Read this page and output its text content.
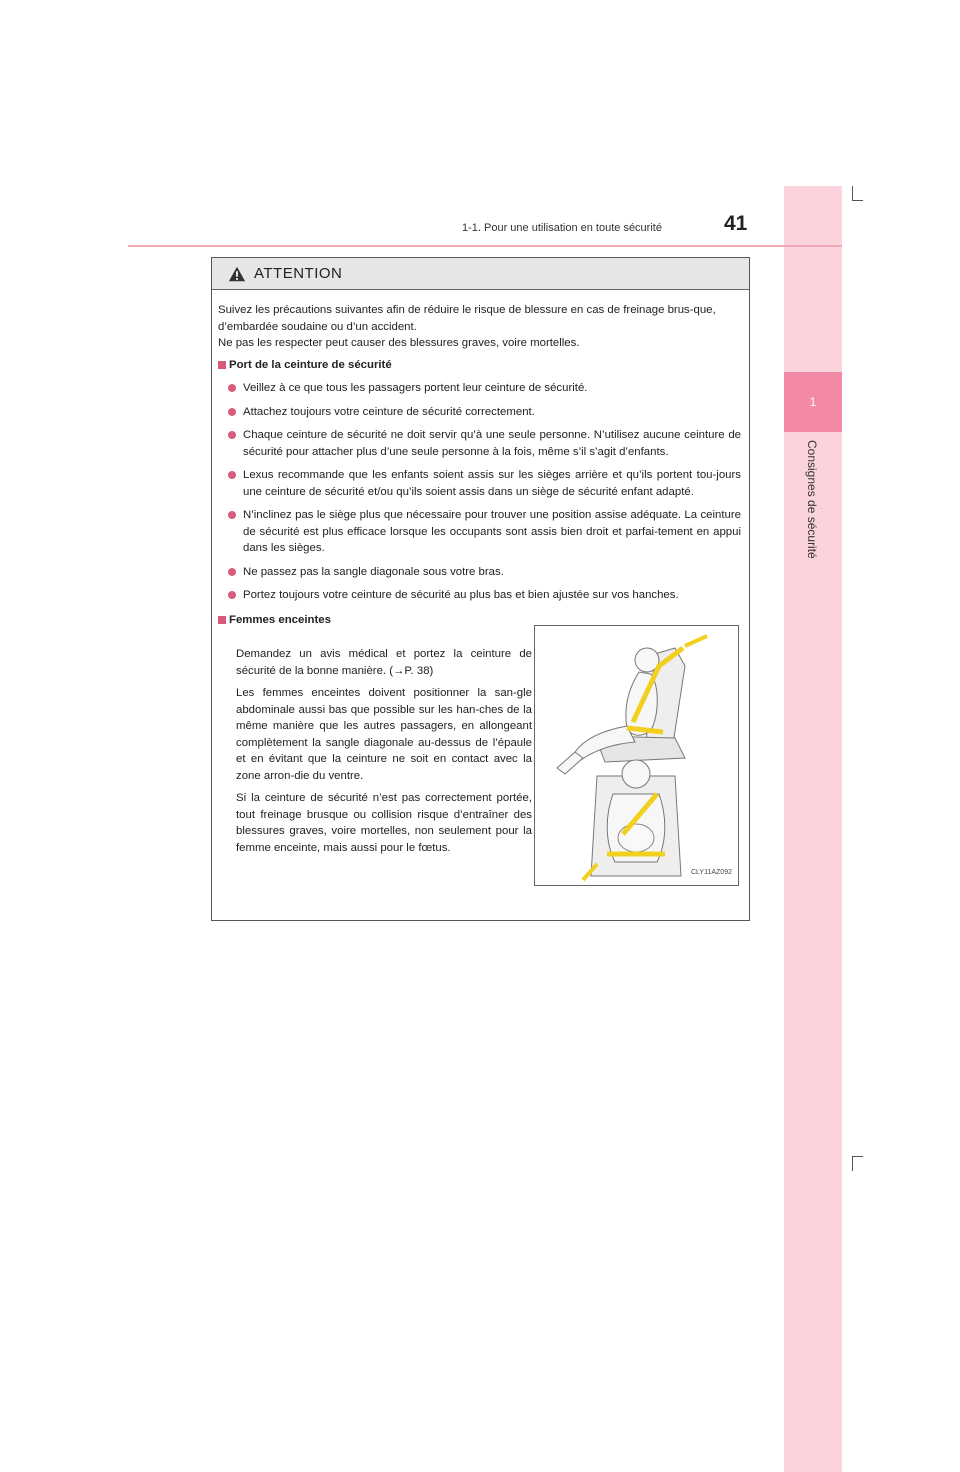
1
Consignes de sécurité
1-1. Pour une utilisation en toute sécurité	41
ATTENTION

Suivez les précautions suivantes afin de réduire le risque de blessure en cas de freinage brus-que, d’embardée soudaine ou d’un accident.

Ne pas les respecter peut causer des blessures graves, voire mortelles.

Port de la ceinture de sécurité
Veillez à ce que tous les passagers portent leur ceinture de sécurité.
Attachez toujours votre ceinture de sécurité correctement.
Chaque ceinture de sécurité ne doit servir qu’à une seule personne. N’utilisez aucune ceinture de sécurité pour attacher plus d’une seule personne à la fois, même s’il s’agit d’enfants.
Lexus recommande que les enfants soient assis sur les sièges arrière et qu’ils portent tou-jours une ceinture de sécurité et/ou qu’ils soient assis dans un siège de sécurité enfant adapté.
N’inclinez pas le siège plus que nécessaire pour trouver une position assise adéquate. La ceinture de sécurité est plus efficace lorsque les occupants sont assis bien droit et parfai-tement en appui dans les sièges.
Ne passez pas la sangle diagonale sous votre bras.
Portez toujours votre ceinture de sécurité au plus bas et bien ajustée sur vos hanches.
Femmes enceintes

Demandez un avis médical et portez la ceinture de sécurité de la bonne manière. (→P. 38)

Les femmes enceintes doivent positionner la san-gle abdominale aussi bas que possible sur les han-ches de la même manière que les autres passagers, en allongeant complètement la sangle diagonale au-dessus de l’épaule et en évitant que la ceinture ne soit en contact avec la zone arron-die du ventre.

Si la ceinture de sécurité n’est pas correctement portée, tout freinage brusque ou collision risque d’entraîner des blessures graves, voire mortelles, non seulement pour la femme enceinte, mais aussi pour le fœtus.

CLY11AZ092
